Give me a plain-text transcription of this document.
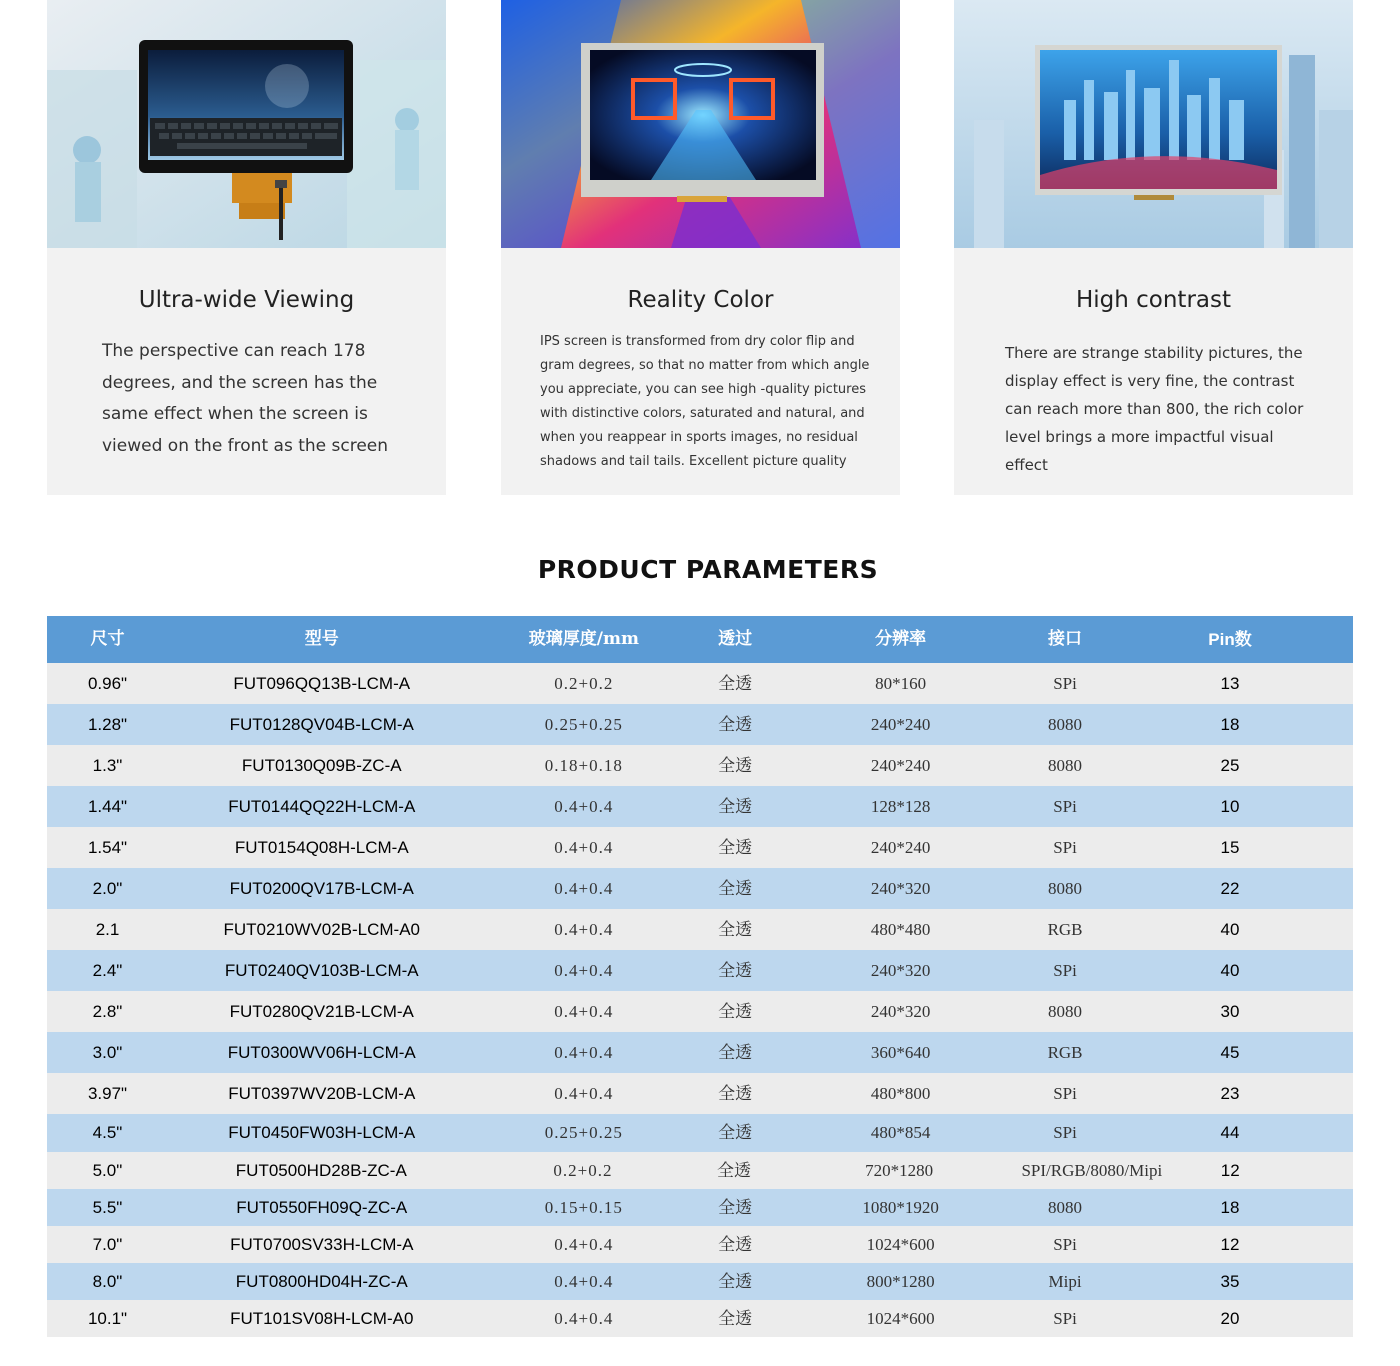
Ultra-wide Viewing

The perspective can reach 178 degrees, and the screen has the same effect when the screen is viewed on the front as the screen

Reality Color

IPS screen is transformed from dry color flip and gram degrees, so that no matter from which angle you appreciate, you can see high -quality pictures with distinctive colors, saturated and natural, and when you reappear in sports images, no residual shadows and tail tails. Excellent picture quality

High contrast

There are strange stability pictures, the display effect is very fine, the contrast can reach more than 800, the rich color level brings a more impactful visual effect

PRODUCT PARAMETERS
尺寸	型号	玻璃厚度/mm	透过	分辨率	接口	Pin数
0.96"	FUT096QQ13B-LCM-A	0.2+0.2	全透	80*160	SPi	13
1.28"	FUT0128QV04B-LCM-A	0.25+0.25	全透	240*240	8080	18
1.3"	FUT0130Q09B-ZC-A	0.18+0.18	全透	240*240	8080	25
1.44"	FUT0144QQ22H-LCM-A	0.4+0.4	全透	128*128	SPi	10
1.54"	FUT0154Q08H-LCM-A	0.4+0.4	全透	240*240	SPi	15
2.0"	FUT0200QV17B-LCM-A	0.4+0.4	全透	240*320	8080	22
2.1	FUT0210WV02B-LCM-A0	0.4+0.4	全透	480*480	RGB	40
2.4"	FUT0240QV103B-LCM-A	0.4+0.4	全透	240*320	SPi	40
2.8"	FUT0280QV21B-LCM-A	0.4+0.4	全透	240*320	8080	30
3.0"	FUT0300WV06H-LCM-A	0.4+0.4	全透	360*640	RGB	45
3.97"	FUT0397WV20B-LCM-A	0.4+0.4	全透	480*800	SPi	23
4.5"	FUT0450FW03H-LCM-A	0.25+0.25	全透	480*854	SPi	44
5.0"	FUT0500HD28B-ZC-A	0.2+0.2	全透	720*1280	SPI/RGB/8080/Mipi	12
5.5"	FUT0550FH09Q-ZC-A	0.15+0.15	全透	1080*1920	8080	18
7.0"	FUT0700SV33H-LCM-A	0.4+0.4	全透	1024*600	SPi	12
8.0"	FUT0800HD04H-ZC-A	0.4+0.4	全透	800*1280	Mipi	35
10.1"	FUT101SV08H-LCM-A0	0.4+0.4	全透	1024*600	SPi	20
